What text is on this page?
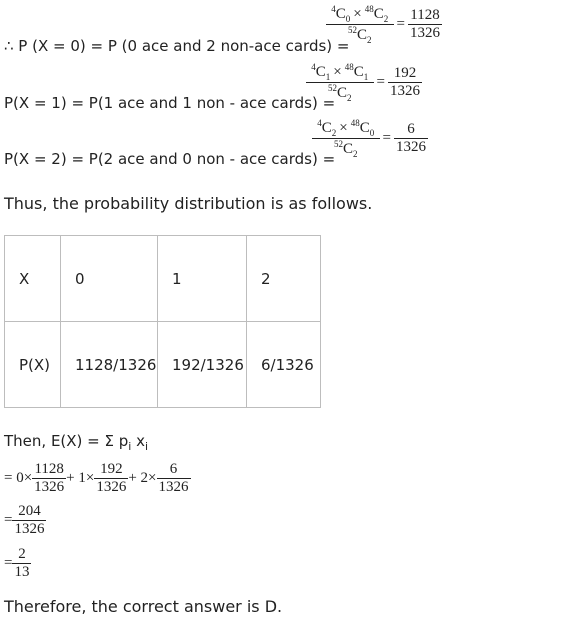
$\frac{^4C_0 \times ^{48}C_2}{^{52}C_2} = \frac{1128}{1326}$
∴ P (X = 0) = P (0 ace and 2 non-ace cards) =
$\frac{^4C_1 \times ^{48}C_1}{^{52}C_2} = \frac{192}{1326}$
P(X = 1) = P(1 ace and 1 non - ace cards) =
$\frac{^4C_2 \times ^{48}C_0}{^{52}C_2} = \frac{6}{1326}$
P(X = 2) = P(2 ace and 0 non - ace cards) =
Thus, the probability distribution is as follows.
X	0	1	2
P(X)	1128/1326	192/1326	6/1326
Then, E(X) = Σ $p_i$ $x_i$
= $0\times \frac{1128}{1326} + 1\times \frac{192}{1326} + 2\times \frac{6}{1326}$
= $\frac{204}{1326}$
= $\frac{2}{13}$
Therefore, the correct answer is D.
